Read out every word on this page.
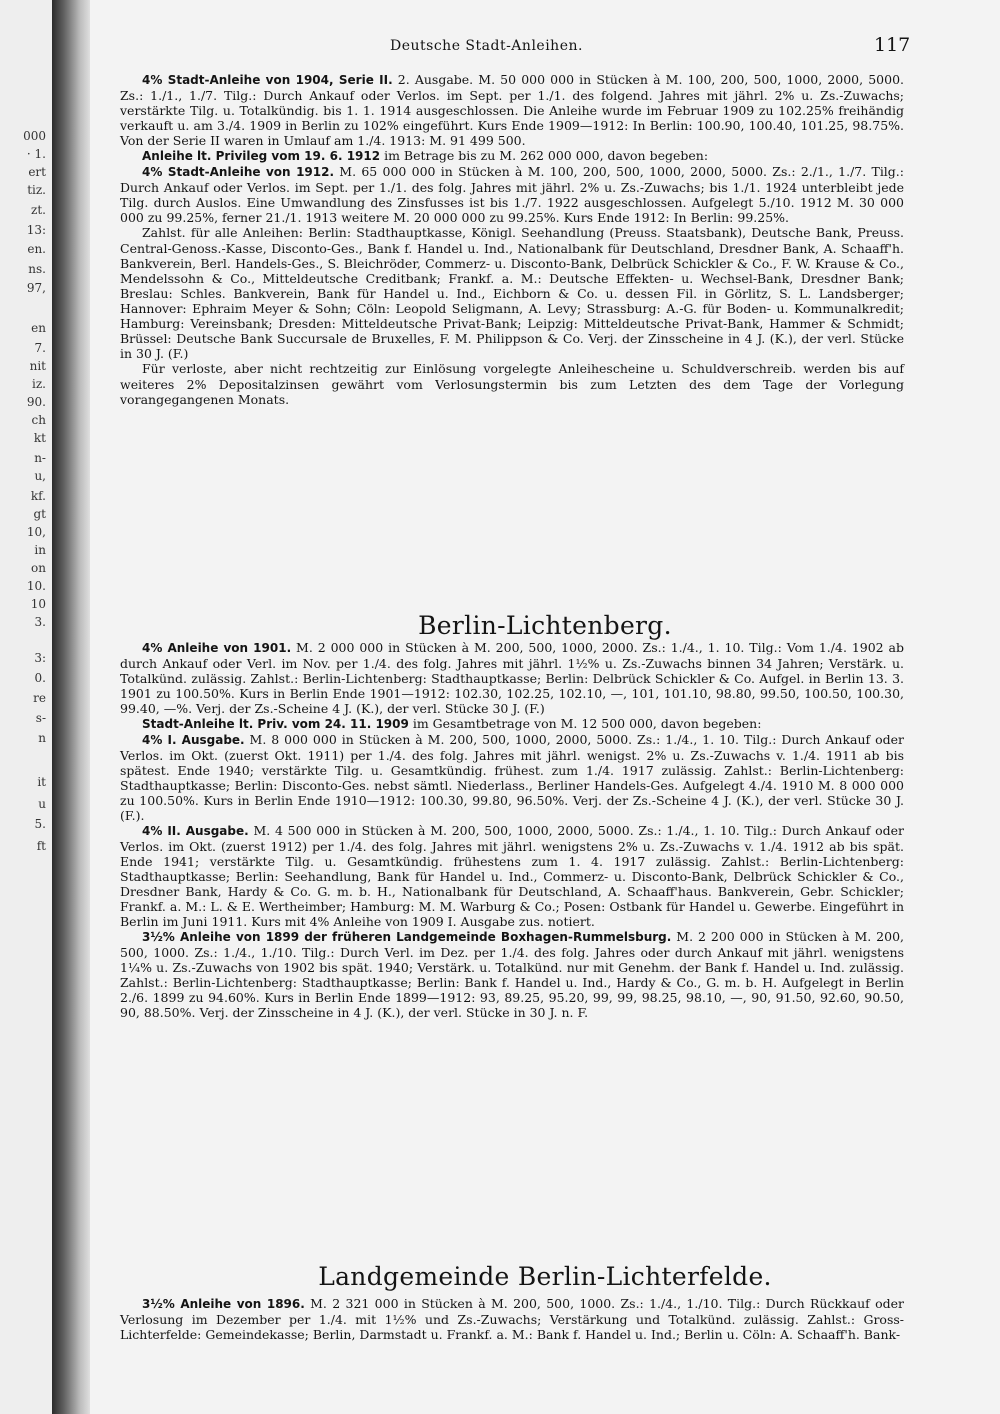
000
· 1.
ert
tiz.
zt.
13:
en.
ns.
97,
en
7.
nit
iz.
90.
ch
kt
n-
u,
kf.
gt
10,
in
on
10.
10
3.
3:
0.
re
s-
n
it
u
5.
ft
Deutsche Stadt-Anleihen.	117

4% Stadt-Anleihe von 1904, Serie II. 2. Ausgabe. M. 50 000 000 in Stücken à M. 100, 200, 500, 1000, 2000, 5000. Zs.: 1./1., 1./7. Tilg.: Durch Ankauf oder Verlos. im Sept. per 1./1. des folgend. Jahres mit jährl. 2% u. Zs.-Zuwachs; verstärkte Tilg. u. Totalkündig. bis 1. 1. 1914 ausgeschlossen. Die Anleihe wurde im Februar 1909 zu 102.25% freihändig verkauft u. am 3./4. 1909 in Berlin zu 102% eingeführt. Kurs Ende 1909—1912: In Berlin: 100.90, 100.40, 101.25, 98.75%. Von der Serie II waren in Umlauf am 1./4. 1913: M. 91 499 500.

Anleihe lt. Privileg vom 19. 6. 1912 im Betrage bis zu M. 262 000 000, davon begeben:

4% Stadt-Anleihe von 1912. M. 65 000 000 in Stücken à M. 100, 200, 500, 1000, 2000, 5000. Zs.: 2./1., 1./7. Tilg.: Durch Ankauf oder Verlos. im Sept. per 1./1. des folg. Jahres mit jährl. 2% u. Zs.-Zuwachs; bis 1./1. 1924 unterbleibt jede Tilg. durch Auslos. Eine Umwandlung des Zinsfusses ist bis 1./7. 1922 ausgeschlossen. Aufgelegt 5./10. 1912 M. 30 000 000 zu 99.25%, ferner 21./1. 1913 weitere M. 20 000 000 zu 99.25%. Kurs Ende 1912: In Berlin: 99.25%.

Zahlst. für alle Anleihen: Berlin: Stadthauptkasse, Königl. Seehandlung (Preuss. Staatsbank), Deutsche Bank, Preuss. Central-Genoss.-Kasse, Disconto-Ges., Bank f. Handel u. Ind., Nationalbank für Deutschland, Dresdner Bank, A. Schaaff'h. Bankverein, Berl. Handels-Ges., S. Bleichröder, Commerz- u. Disconto-Bank, Delbrück Schickler & Co., F. W. Krause & Co., Mendelssohn & Co., Mitteldeutsche Creditbank; Frankf. a. M.: Deutsche Effekten- u. Wechsel-Bank, Dresdner Bank; Breslau: Schles. Bankverein, Bank für Handel u. Ind., Eichborn & Co. u. dessen Fil. in Görlitz, S. L. Landsberger; Hannover: Ephraim Meyer & Sohn; Cöln: Leopold Seligmann, A. Levy; Strassburg: A.-G. für Boden- u. Kommunalkredit; Hamburg: Vereinsbank; Dresden: Mitteldeutsche Privat-Bank; Leipzig: Mitteldeutsche Privat-Bank, Hammer & Schmidt; Brüssel: Deutsche Bank Succursale de Bruxelles, F. M. Philippson & Co. Verj. der Zinsscheine in 4 J. (K.), der verl. Stücke in 30 J. (F.)

Für verloste, aber nicht rechtzeitig zur Einlösung vorgelegte Anleihescheine u. Schuldverschreib. werden bis auf weiteres 2% Depositalzinsen gewährt vom Verlosungstermin bis zum Letzten des dem Tage der Vorlegung vorangegangenen Monats.

Berlin-Lichtenberg.

4% Anleihe von 1901. M. 2 000 000 in Stücken à M. 200, 500, 1000, 2000. Zs.: 1./4., 1. 10. Tilg.: Vom 1./4. 1902 ab durch Ankauf oder Verl. im Nov. per 1./4. des folg. Jahres mit jährl. 1½% u. Zs.-Zuwachs binnen 34 Jahren; Verstärk. u. Totalkünd. zulässig. Zahlst.: Berlin-Lichtenberg: Stadthauptkasse; Berlin: Delbrück Schickler & Co. Aufgel. in Berlin 13. 3. 1901 zu 100.50%. Kurs in Berlin Ende 1901—1912: 102.30, 102.25, 102.10, —, 101, 101.10, 98.80, 99.50, 100.50, 100.30, 99.40, —%. Verj. der Zs.-Scheine 4 J. (K.), der verl. Stücke 30 J. (F.)

Stadt-Anleihe lt. Priv. vom 24. 11. 1909 im Gesamtbetrage von M. 12 500 000, davon begeben:

4% I. Ausgabe. M. 8 000 000 in Stücken à M. 200, 500, 1000, 2000, 5000. Zs.: 1./4., 1. 10. Tilg.: Durch Ankauf oder Verlos. im Okt. (zuerst Okt. 1911) per 1./4. des folg. Jahres mit jährl. wenigst. 2% u. Zs.-Zuwachs v. 1./4. 1911 ab bis spätest. Ende 1940; verstärkte Tilg. u. Gesamtkündig. frühest. zum 1./4. 1917 zulässig. Zahlst.: Berlin-Lichtenberg: Stadthauptkasse; Berlin: Disconto-Ges. nebst sämtl. Niederlass., Berliner Handels-Ges. Aufgelegt 4./4. 1910 M. 8 000 000 zu 100.50%. Kurs in Berlin Ende 1910—1912: 100.30, 99.80, 96.50%. Verj. der Zs.-Scheine 4 J. (K.), der verl. Stücke 30 J. (F.).

4% II. Ausgabe. M. 4 500 000 in Stücken à M. 200, 500, 1000, 2000, 5000. Zs.: 1./4., 1. 10. Tilg.: Durch Ankauf oder Verlos. im Okt. (zuerst 1912) per 1./4. des folg. Jahres mit jährl. wenigstens 2% u. Zs.-Zuwachs v. 1./4. 1912 ab bis spät. Ende 1941; verstärkte Tilg. u. Gesamtkündig. frühestens zum 1. 4. 1917 zulässig. Zahlst.: Berlin-Lichtenberg: Stadthauptkasse; Berlin: Seehandlung, Bank für Handel u. Ind., Commerz- u. Disconto-Bank, Delbrück Schickler & Co., Dresdner Bank, Hardy & Co. G. m. b. H., Nationalbank für Deutschland, A. Schaaff'haus. Bankverein, Gebr. Schickler; Frankf. a. M.: L. & E. Wertheimber; Hamburg: M. M. Warburg & Co.; Posen: Ostbank für Handel u. Gewerbe. Eingeführt in Berlin im Juni 1911. Kurs mit 4% Anleihe von 1909 I. Ausgabe zus. notiert.

3½% Anleihe von 1899 der früheren Landgemeinde Boxhagen-Rummelsburg. M. 2 200 000 in Stücken à M. 200, 500, 1000. Zs.: 1./4., 1./10. Tilg.: Durch Verl. im Dez. per 1./4. des folg. Jahres oder durch Ankauf mit jährl. wenigstens 1¼% u. Zs.-Zuwachs von 1902 bis spät. 1940; Verstärk. u. Totalkünd. nur mit Genehm. der Bank f. Handel u. Ind. zulässig. Zahlst.: Berlin-Lichtenberg: Stadthauptkasse; Berlin: Bank f. Handel u. Ind., Hardy & Co., G. m. b. H. Aufgelegt in Berlin 2./6. 1899 zu 94.60%. Kurs in Berlin Ende 1899—1912: 93, 89.25, 95.20, 99, 99, 98.25, 98.10, —, 90, 91.50, 92.60, 90.50, 90, 88.50%. Verj. der Zinsscheine in 4 J. (K.), der verl. Stücke in 30 J. n. F.

Landgemeinde Berlin-Lichterfelde.

3½% Anleihe von 1896. M. 2 321 000 in Stücken à M. 200, 500, 1000. Zs.: 1./4., 1./10. Tilg.: Durch Rückkauf oder Verlosung im Dezember per 1./4. mit 1½% und Zs.-Zuwachs; Verstärkung und Totalkünd. zulässig. Zahlst.: Gross-Lichterfelde: Gemeindekasse; Berlin, Darmstadt u. Frankf. a. M.: Bank f. Handel u. Ind.; Berlin u. Cöln: A. Schaaff'h. Bank-
